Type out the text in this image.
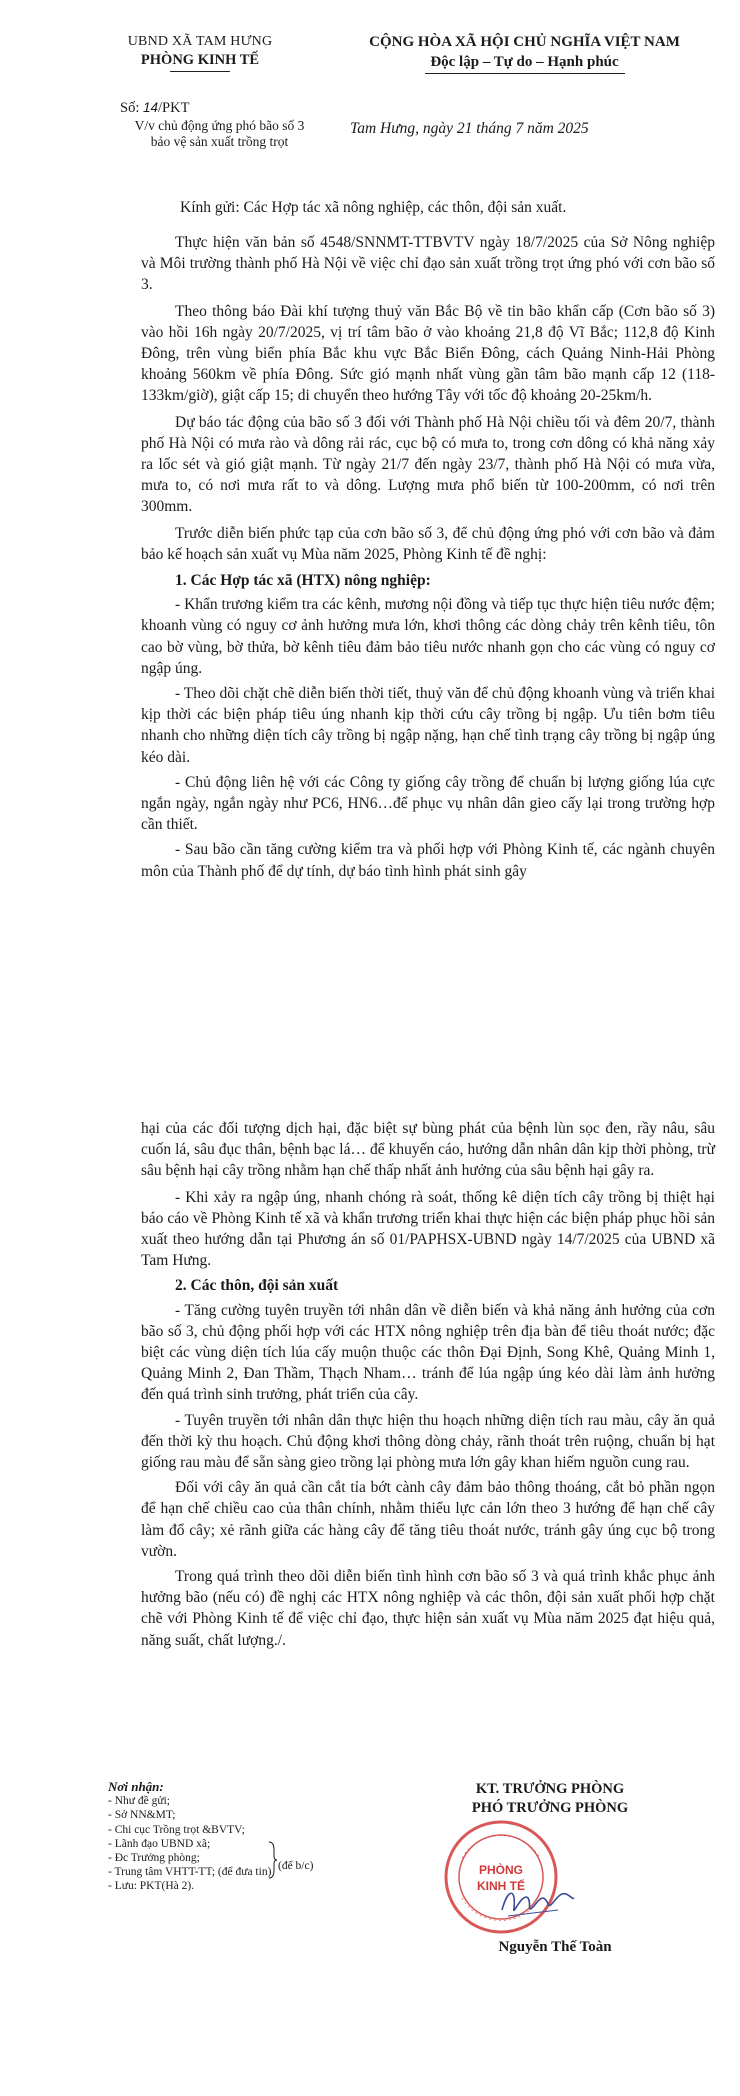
UBND XÃ TAM HƯNG
PHÒNG KINH TẾ
CỘNG HÒA XÃ HỘI CHỦ NGHĨA VIỆT NAM
Độc lập – Tự do – Hạnh phúc
Số: 14/PKT
V/v chủ động ứng phó bão số 3
bảo vệ sản xuất trồng trọt
Tam Hưng, ngày 21 tháng 7 năm 2025
Kính gửi: Các Hợp tác xã nông nghiệp, các thôn, đội sản xuất.

Thực hiện văn bản số 4548/SNNMT-TTBVTV ngày 18/7/2025 của Sở Nông nghiệp và Môi trường thành phố Hà Nội về việc chỉ đạo sản xuất trồng trọt ứng phó với cơn bão số 3.

Theo thông báo Đài khí tượng thuỷ văn Bắc Bộ về tin bão khẩn cấp (Cơn bão số 3) vào hồi 16h ngày 20/7/2025, vị trí tâm bão ở vào khoảng 21,8 độ Vĩ Bắc; 112,8 độ Kinh Đông, trên vùng biển phía Bắc khu vực Bắc Biển Đông, cách Quảng Ninh-Hải Phòng khoảng 560km về phía Đông. Sức gió mạnh nhất vùng gần tâm bão mạnh cấp 12 (118- 133km/giờ), giật cấp 15; di chuyển theo hướng Tây với tốc độ khoảng 20-25km/h.

Dự báo tác động của bão số 3 đối với Thành phố Hà Nội chiều tối và đêm 20/7, thành phố Hà Nội có mưa rào và dông rải rác, cục bộ có mưa to, trong cơn dông có khả năng xảy ra lốc sét và gió giật mạnh. Từ ngày 21/7 đến ngày 23/7, thành phố Hà Nội có mưa vừa, mưa to, có nơi mưa rất to và dông. Lượng mưa phổ biến từ 100-200mm, có nơi trên 300mm.

Trước diễn biến phức tạp của cơn bão số 3, để chủ động ứng phó với cơn bão và đảm bảo kế hoạch sản xuất vụ Mùa năm 2025, Phòng Kinh tế đề nghị:

1. Các Hợp tác xã (HTX) nông nghiệp:

- Khẩn trương kiểm tra các kênh, mương nội đồng và tiếp tục thực hiện tiêu nước đệm; khoanh vùng có nguy cơ ảnh hưởng mưa lớn, khơi thông các dòng chảy trên kênh tiêu, tôn cao bờ vùng, bờ thửa, bờ kênh tiêu đảm bảo tiêu nước nhanh gọn cho các vùng có nguy cơ ngập úng.

- Theo dõi chặt chẽ diễn biến thời tiết, thuỷ văn để chủ động khoanh vùng và triển khai kịp thời các biện pháp tiêu úng nhanh kịp thời cứu cây trồng bị ngập. Ưu tiên bơm tiêu nhanh cho những diện tích cây trồng bị ngập nặng, hạn chế tình trạng cây trồng bị ngập úng kéo dài.

- Chủ động liên hệ với các Công ty giống cây trồng để chuẩn bị lượng giống lúa cực ngắn ngày, ngắn ngày như PC6, HN6…để phục vụ nhân dân gieo cấy lại trong trường hợp cần thiết.

- Sau bão cần tăng cường kiểm tra và phối hợp với Phòng Kinh tế, các ngành chuyên môn của Thành phố để dự tính, dự báo tình hình phát sinh gây

hại của các đối tượng dịch hại, đặc biệt sự bùng phát của bệnh lùn sọc đen, rầy nâu, sâu cuốn lá, sâu đục thân, bệnh bạc lá… để khuyến cáo, hướng dẫn nhân dân kịp thời phòng, trừ sâu bệnh hại cây trồng nhằm hạn chế thấp nhất ảnh hưởng của sâu bệnh hại gây ra.

- Khi xảy ra ngập úng, nhanh chóng rà soát, thống kê diện tích cây trồng bị thiệt hại báo cáo về Phòng Kinh tế xã và khẩn trương triển khai thực hiện các biện pháp phục hồi sản xuất theo hướng dẫn tại Phương án số 01/PAPHSX-UBND ngày 14/7/2025 của UBND xã Tam Hưng.

2. Các thôn, đội sản xuất

- Tăng cường tuyên truyền tới nhân dân về diễn biến và khả năng ảnh hưởng của cơn bão số 3, chủ động phối hợp với các HTX nông nghiệp trên địa bàn để tiêu thoát nước; đặc biệt các vùng diện tích lúa cấy muộn thuộc các thôn Đại Định, Song Khê, Quảng Minh 1, Quảng Minh 2, Đan Thầm, Thạch Nham… tránh để lúa ngập úng kéo dài làm ảnh hưởng đến quá trình sinh trưởng, phát triển của cây.

- Tuyên truyền tới nhân dân thực hiện thu hoạch những diện tích rau màu, cây ăn quả đến thời kỳ thu hoạch. Chủ động khơi thông dòng chảy, rãnh thoát trên ruộng, chuẩn bị hạt giống rau màu để sẵn sàng gieo trồng lại phòng mưa lớn gây khan hiếm nguồn cung rau.

Đối với cây ăn quả cần cắt tỉa bớt cành cây đảm bảo thông thoáng, cắt bỏ phần ngọn để hạn chế chiều cao của thân chính, nhằm thiểu lực cản lớn theo 3 hướng để hạn chế cây làm đổ cây; xẻ rãnh giữa các hàng cây để tăng tiêu thoát nước, tránh gây úng cục bộ trong vườn.

Trong quá trình theo dõi diễn biến tình hình cơn bão số 3 và quá trình khắc phục ảnh hưởng bão (nếu có) đề nghị các HTX nông nghiệp và các thôn, đội sản xuất phối hợp chặt chẽ với Phòng Kinh tế để việc chỉ đạo, thực hiện sản xuất vụ Mùa năm 2025 đạt hiệu quả, năng suất, chất lượng./.

Nơi nhận:
- Như đề gửi;
- Sở NN&MT;
- Chi cục Trồng trọt &BVTV;
- Lãnh đạo UBND xã;
- Đc Trưởng phòng;
- Trung tâm VHTT-TT; (để đưa tin)
- Lưu: PKT(Hà 2).
(để b/c)
KT. TRƯỞNG PHÒNG
PHÓ TRƯỞNG PHÒNG
PHÒNG
KINH TẾ
Nguyễn Thế Toàn
